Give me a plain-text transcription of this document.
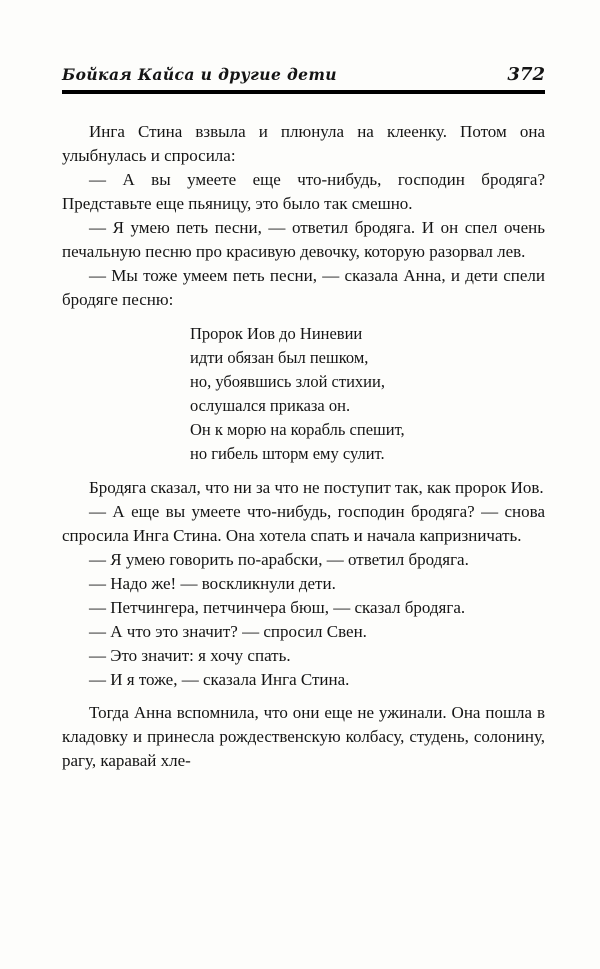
Бойкая Кайса и другие дети	372

Инга Стина взвыла и плюнула на клеенку. Потом она улыбнулась и спросила:

— А вы умеете еще что-нибудь, господин бродяга? Представьте еще пьяницу, это было так смешно.

— Я умею петь песни, — ответил бродяга. И он спел очень печальную песню про красивую девочку, которую разорвал лев.

— Мы тоже умеем петь песни, — сказала Анна, и дети спели бродяге песню:

Пророк Иов до Ниневии
идти обязан был пешком,
но, убоявшись злой стихии,
ослушался приказа он.
Он к морю на корабль спешит,
но гибель шторм ему сулит.

Бродяга сказал, что ни за что не поступит так, как пророк Иов.

— А еще вы умеете что-нибудь, господин бродяга? — снова спросила Инга Стина. Она хотела спать и начала капризничать.

— Я умею говорить по-арабски, — ответил бродяга.

— Надо же! — воскликнули дети.

— Петчингера, петчинчера бюш, — сказал бродяга.

— А что это значит? — спросил Свен.

— Это значит: я хочу спать.

— И я тоже, — сказала Инга Стина.

Тогда Анна вспомнила, что они еще не ужинали. Она пошла в кладовку и принесла рождественскую колбасу, студень, солонину, рагу, каравай хле-
